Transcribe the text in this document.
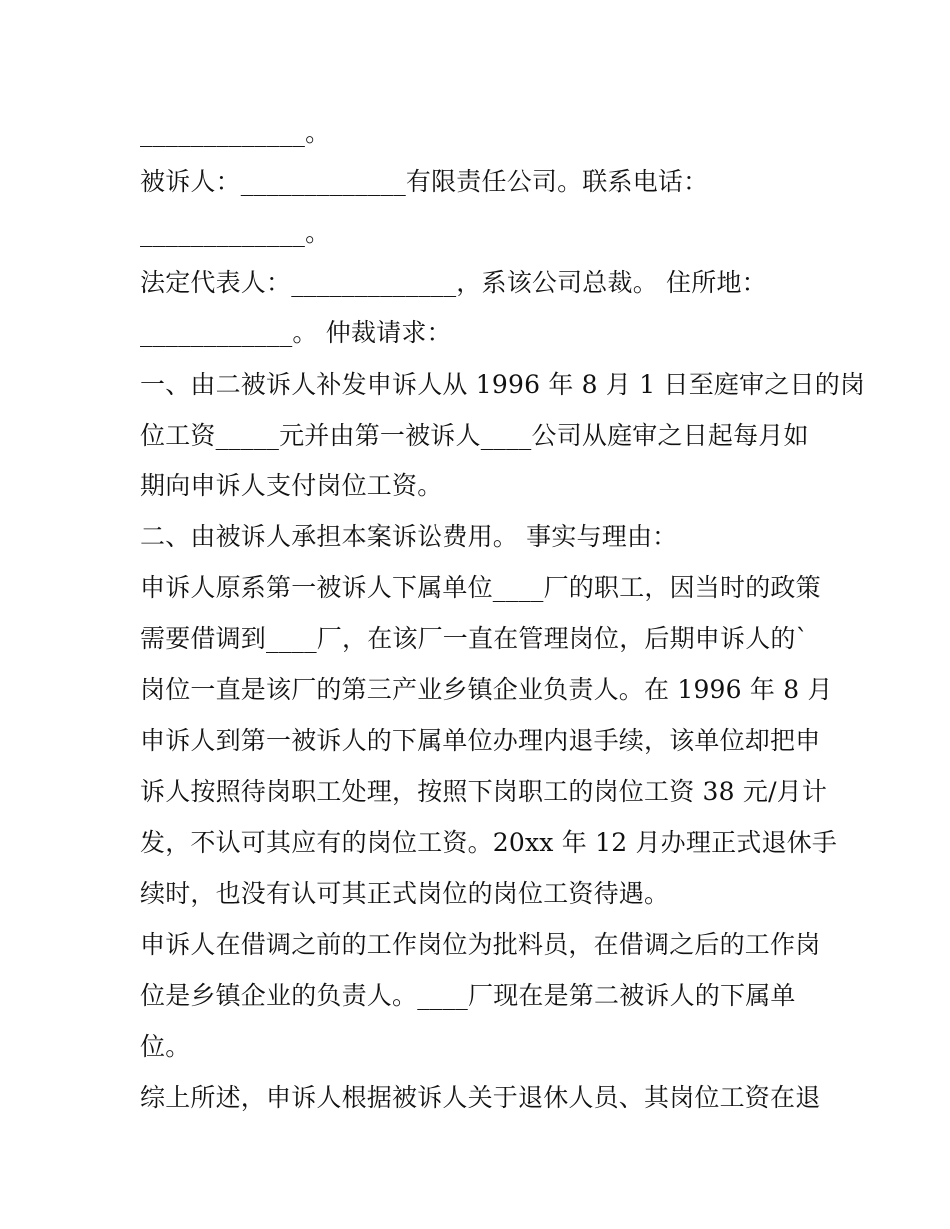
_____________。
被诉人：_____________有限责任公司。联系电话：
_____________。
法定代表人：_____________，系该公司总裁。 住所地：
____________。 仲裁请求：
一、由二被诉人补发申诉人从 1996 年 8 月 1 日至庭审之日的岗
位工资_____元并由第一被诉人____公司从庭审之日起每月如
期向申诉人支付岗位工资。
二、由被诉人承担本案诉讼费用。 事实与理由：
申诉人原系第一被诉人下属单位____厂的职工，因当时的政策
需要借调到____厂，在该厂一直在管理岗位，后期申诉人的`
岗位一直是该厂的第三产业乡镇企业负责人。在 1996 年 8 月
申诉人到第一被诉人的下属单位办理内退手续，该单位却把申
诉人按照待岗职工处理，按照下岗职工的岗位工资 38 元/月计
发，不认可其应有的岗位工资。20xx 年 12 月办理正式退休手
续时，也没有认可其正式岗位的岗位工资待遇。
申诉人在借调之前的工作岗位为批料员，在借调之后的工作岗
位是乡镇企业的负责人。____厂现在是第二被诉人的下属单
位。
综上所述，申诉人根据被诉人关于退休人员、其岗位工资在退
